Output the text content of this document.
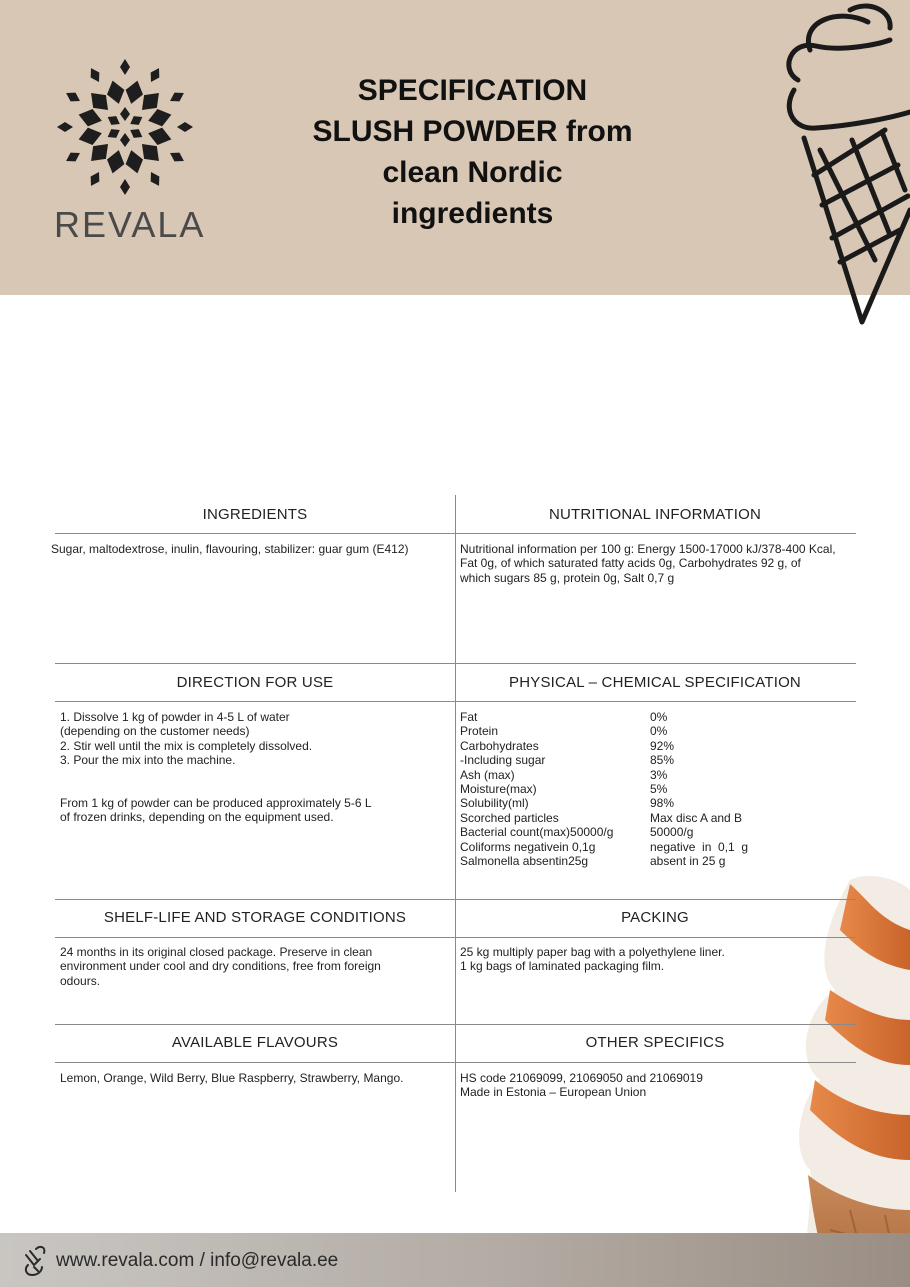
REVALA
SPECIFICATION
SLUSH POWDER from
clean Nordic
ingredients
INGREDIENTS	NUTRITIONAL INFORMATION
Sugar, maltodextrose, inulin, flavouring, stabilizer: guar gum (E412)	Nutritional information per 100 g: Energy 1500-17000 kJ/378-400 Kcal,
Fat 0g, of which saturated fatty acids 0g, Carbohydrates 92 g, of
which sugars 85 g, protein 0g, Salt 0,7 g
DIRECTION FOR USE	PHYSICAL – CHEMICAL SPECIFICATION
1. Dissolve 1 kg of powder in 4-5 L of water
(depending on the customer needs)
2. Stir well until the mix is completely dissolved.
3. Pour the mix into the machine.
From 1 kg of powder can be produced approximately 5-6 L
of frozen drinks, depending on the equipment used.
Fat	0%
Protein	0%
Carbohydrates	92%
-Including sugar	85%
Ash (max)	3%
Moisture(max)	5%
Solubility(ml)	98%
Scorched particles	Max disc A and B
Bacterial count(max)50000/g	50000/g
Coliforms negativein 0,1g	negative  in  0,1  g
Salmonella absentin25g	absent in 25 g
SHELF-LIFE AND STORAGE CONDITIONS	PACKING
24 months in its original closed package. Preserve in clean
environment under cool and dry conditions, free from foreign
odours.
25 kg multiply paper bag with a polyethylene liner.
1 kg bags of laminated packaging film.
AVAILABLE FLAVOURS	OTHER SPECIFICS
Lemon, Orange, Wild Berry, Blue Raspberry, Strawberry, Mango.	HS code 21069099, 21069050 and 21069019
Made in Estonia – European Union
www.revala.com / info@revala.ee
